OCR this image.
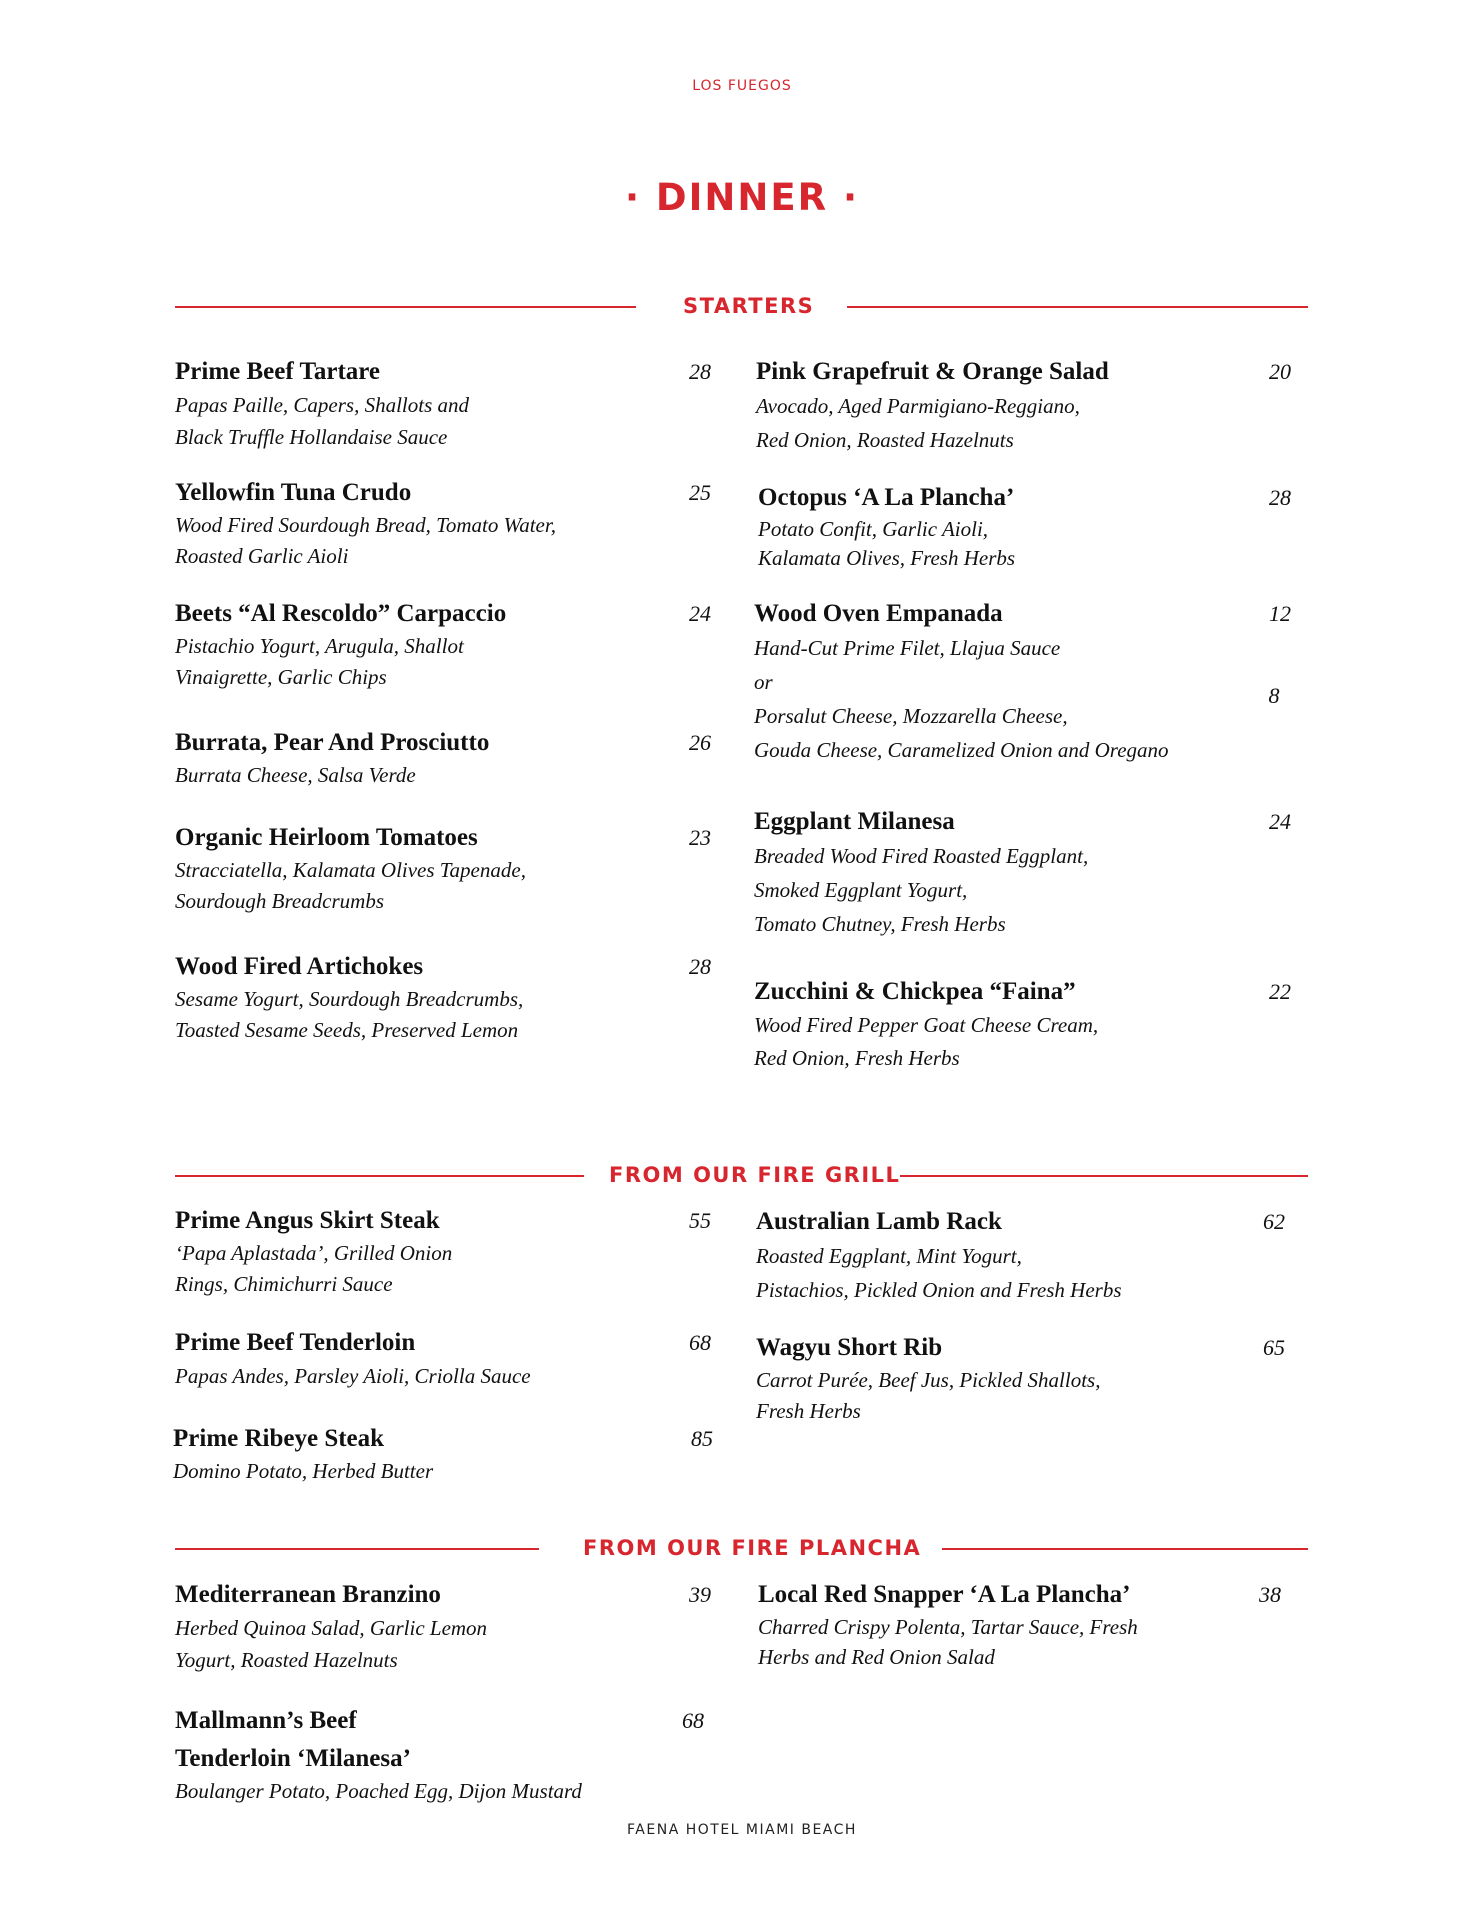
LOS FUEGOS
· DINNER ·
STARTERS
FROM OUR FIRE GRILL
FROM OUR FIRE PLANCHA
Prime Beef Tartare
Papas Paille, Capers, Shallots and
Black Truffle Hollandaise Sauce
28
Yellowfin Tuna Crudo
Wood Fired Sourdough Bread, Tomato Water,
Roasted Garlic Aioli
25
Beets “Al Rescoldo” Carpaccio
Pistachio Yogurt, Arugula, Shallot
Vinaigrette, Garlic Chips
24
Burrata, Pear And Prosciutto
Burrata Cheese, Salsa Verde
26
Organic Heirloom Tomatoes
Stracciatella, Kalamata Olives Tapenade,
Sourdough Breadcrumbs
23
Wood Fired Artichokes
Sesame Yogurt, Sourdough Breadcrumbs,
Toasted Sesame Seeds, Preserved Lemon
28
Pink Grapefruit & Orange Salad
Avocado, Aged Parmigiano-Reggiano,
Red Onion, Roasted Hazelnuts
20
Octopus ‘A La Plancha’
Potato Confit, Garlic Aioli,
Kalamata Olives, Fresh Herbs
28
Wood Oven Empanada
Hand-Cut Prime Filet, Llajua Sauce
or
Porsalut Cheese, Mozzarella Cheese,
Gouda Cheese, Caramelized Onion and Oregano
12
8
Eggplant Milanesa
Breaded Wood Fired Roasted Eggplant,
Smoked Eggplant Yogurt,
Tomato Chutney, Fresh Herbs
24
Zucchini & Chickpea “Faina”
Wood Fired Pepper Goat Cheese Cream,
Red Onion, Fresh Herbs
22
Prime Angus Skirt Steak
‘Papa Aplastada’, Grilled Onion
Rings, Chimichurri Sauce
55
Prime Beef Tenderloin
Papas Andes, Parsley Aioli, Criolla Sauce
68
Prime Ribeye Steak
Domino Potato, Herbed Butter
85
Australian Lamb Rack
Roasted Eggplant, Mint Yogurt,
Pistachios, Pickled Onion and Fresh Herbs
62
Wagyu Short Rib
Carrot Purée, Beef Jus, Pickled Shallots,
Fresh Herbs
65
Mediterranean Branzino
Herbed Quinoa Salad, Garlic Lemon
Yogurt, Roasted Hazelnuts
39
Mallmann’s Beef
Tenderloin ‘Milanesa’
Boulanger Potato, Poached Egg, Dijon Mustard
68
Local Red Snapper ‘A La Plancha’
Charred Crispy Polenta, Tartar Sauce, Fresh
Herbs and Red Onion Salad
38
FAENA HOTEL MIAMI BEACH
